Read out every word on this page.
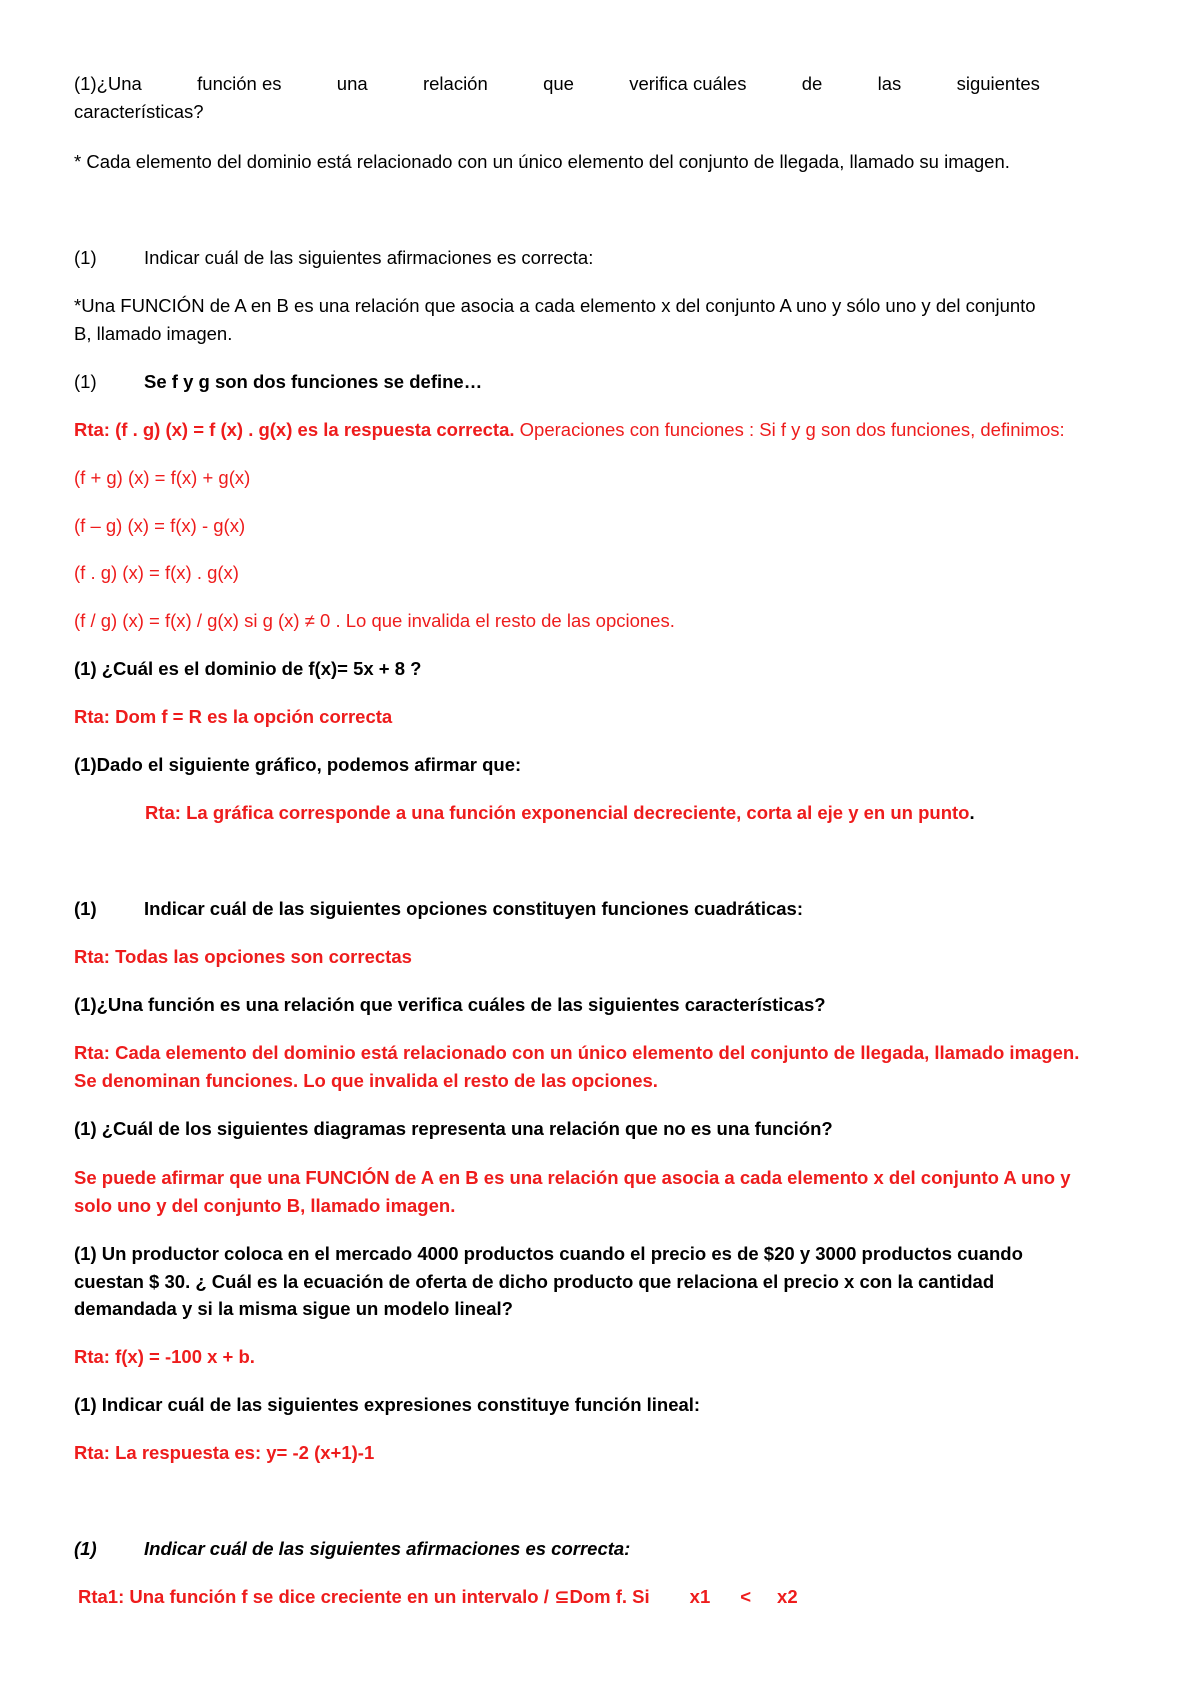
(1)¿Una	función es	una	relación	que	verifica cuáles	de	las	siguientes
características?
* Cada elemento del dominio está relacionado con un único elemento del conjunto de llegada, llamado su imagen.
(1)	Indicar cuál de las siguientes afirmaciones es correcta:
*Una FUNCIÓN de A en B es una relación que asocia a cada elemento x del conjunto A uno y sólo uno y del conjunto
B, llamado imagen.
(1)	Se f y g son dos funciones se define…
Rta: (f . g) (x) = f (x) . g(x) es la respuesta correcta. Operaciones con funciones : Si f y g son dos funciones, definimos:
(f + g) (x) = f(x) + g(x)
(f – g) (x) = f(x) - g(x)
(f . g) (x) = f(x) . g(x)
(f / g) (x) = f(x) / g(x) si g (x) ≠ 0 . Lo que invalida el resto de las opciones.
(1) ¿Cuál es el dominio de f(x)= 5x + 8 ?
Rta: Dom f = R es la opción correcta
(1)Dado el siguiente gráfico, podemos afirmar que:
Rta: La gráfica corresponde a una función exponencial decreciente, corta al eje y en un punto.
(1)	Indicar cuál de las siguientes opciones constituyen funciones cuadráticas:
Rta: Todas las opciones son correctas
(1)¿Una función es una relación que verifica cuáles de las siguientes características?
Rta: Cada elemento del dominio está relacionado con un único elemento del conjunto de llegada, llamado imagen.
Se denominan funciones. Lo que invalida el resto de las opciones.
(1) ¿Cuál de los siguientes diagramas representa una relación que no es una función?
Se puede afirmar que una FUNCIÓN de A en B es una relación que asocia a cada elemento x del conjunto A uno y
solo uno y del conjunto B, llamado imagen.
(1) Un productor coloca en el mercado 4000 productos cuando el precio es de $20 y 3000 productos cuando
cuestan $ 30. ¿ Cuál es la ecuación de oferta de dicho producto que relaciona el precio x con la cantidad
demandada y si la misma sigue un modelo lineal?
Rta: f(x) = -100 x + b.
(1) Indicar cuál de las siguientes expresiones constituye función lineal:
Rta: La respuesta es: y= -2 (x+1)-1
(1)	Indicar cuál de las siguientes afirmaciones es correcta:
Rta1: Una función f se dice creciente en un intervalo / ⊆Dom f. Si x1 < x2
